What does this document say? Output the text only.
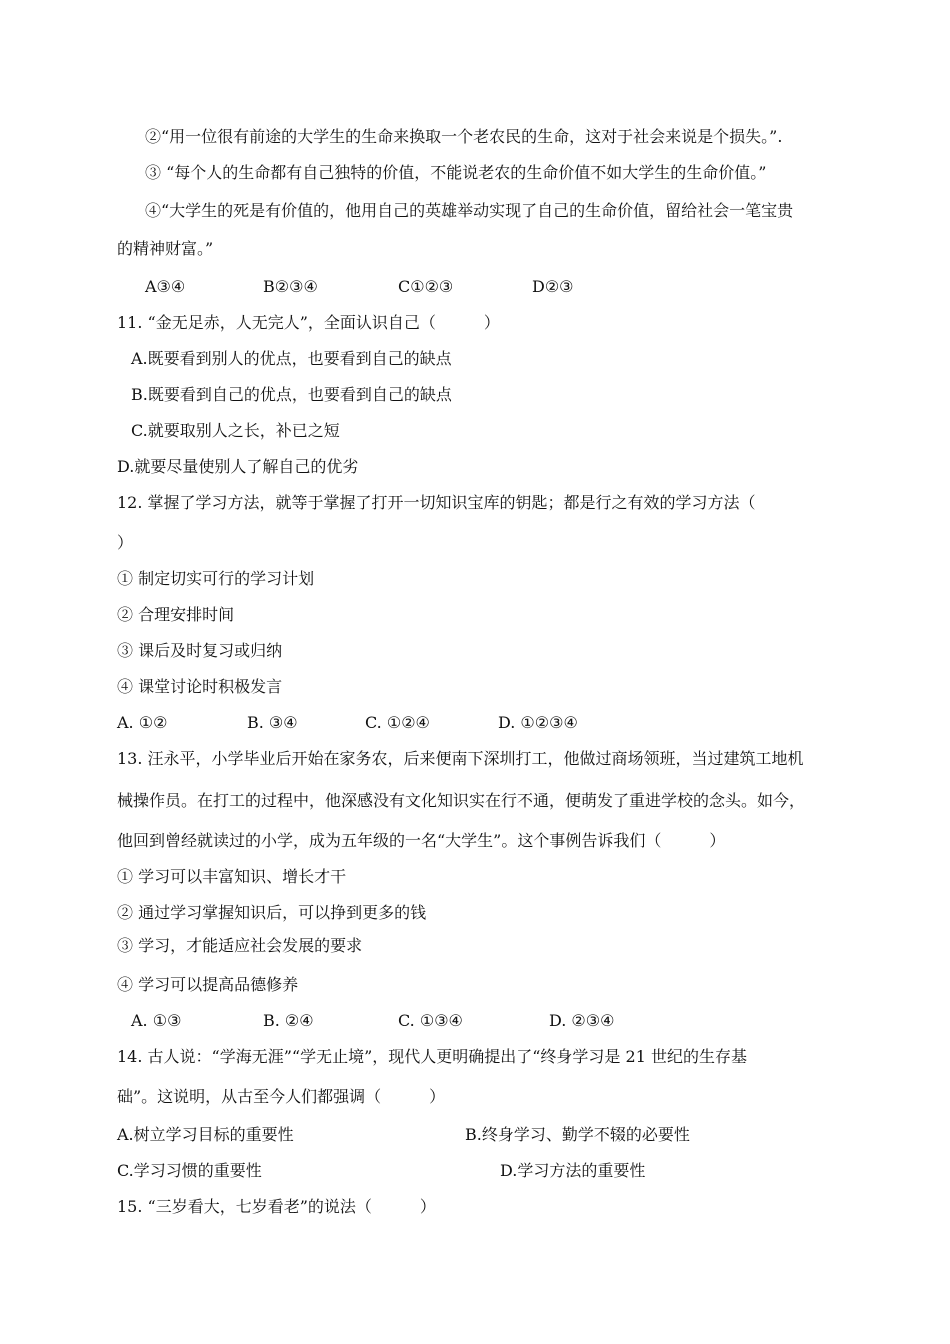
②“用一位很有前途的大学生的生命来换取一个老农民的生命，这对于社会来说是个损失。”.
③ “每个人的生命都有自己独特的价值，不能说老农的生命价值不如大学生的生命价值。”
④“大学生的死是有价值的，他用自己的英雄举动实现了自己的生命价值，留给社会一笔宝贵
的精神财富。”
A③④	B②③④	C①②③	D②③
11. “金无足赤，人无完人”，全面认识自己（　　　）
A.既要看到别人的优点，也要看到自己的缺点
B.既要看到自己的优点，也要看到自己的缺点
C.就要取别人之长，补已之短
D.就要尽量使别人了解自己的优劣
12. 掌握了学习方法，就等于掌握了打开一切知识宝库的钥匙；都是行之有效的学习方法（
）
① 制定切实可行的学习计划
② 合理安排时间
③ 课后及时复习或归纳
④ 课堂讨论时积极发言
A. ①②	B. ③④	C. ①②④	D. ①②③④
13. 汪永平，小学毕业后开始在家务农，后来便南下深圳打工，他做过商场领班，当过建筑工地机
械操作员。在打工的过程中，他深感没有文化知识实在行不通，便萌发了重进学校的念头。如今，
他回到曾经就读过的小学，成为五年级的一名“大学生”。这个事例告诉我们（　　　）
① 学习可以丰富知识、增长才干
② 通过学习掌握知识后，可以挣到更多的钱
③ 学习，才能适应社会发展的要求
④ 学习可以提高品德修养
A. ①③	B. ②④	C. ①③④	D. ②③④
14. 古人说：“学海无涯”“学无止境”，现代人更明确提出了“终身学习是 21 世纪的生存基
础”。这说明，从古至今人们都强调（　　　）
A.树立学习目标的重要性	B.终身学习、勤学不辍的必要性
C.学习习惯的重要性	D.学习方法的重要性
15. “三岁看大，七岁看老”的说法（　　　）
